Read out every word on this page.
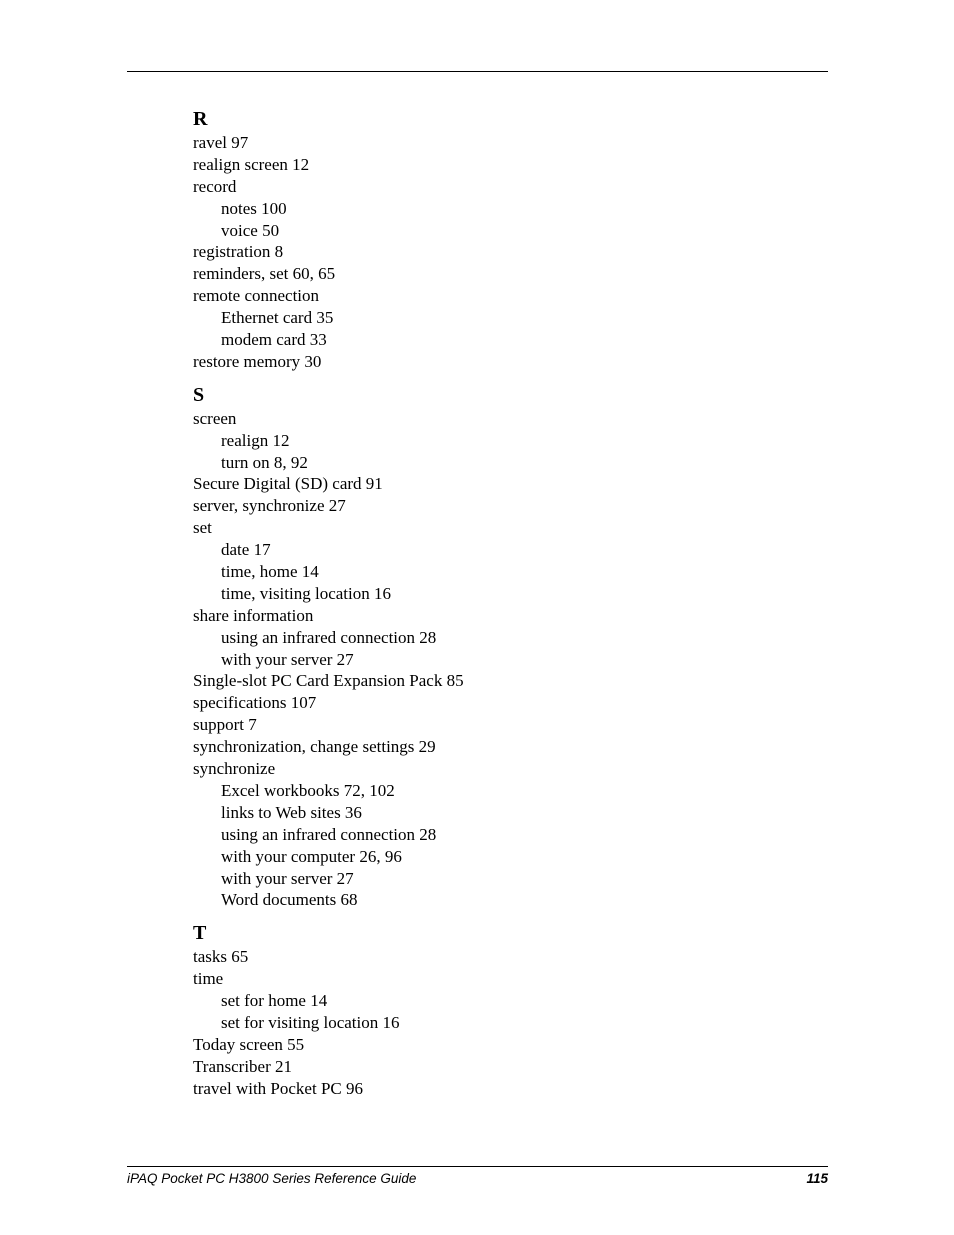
R
ravel 97
realign screen 12
record
notes 100
voice 50
registration 8
reminders, set 60, 65
remote connection
Ethernet card 35
modem card 33
restore memory 30
S
screen
realign 12
turn on 8, 92
Secure Digital (SD) card 91
server, synchronize 27
set
date 17
time, home 14
time, visiting location 16
share information
using an infrared connection 28
with your server 27
Single-slot PC Card Expansion Pack 85
specifications 107
support 7
synchronization, change settings 29
synchronize
Excel workbooks 72, 102
links to Web sites 36
using an infrared connection 28
with your computer 26, 96
with your server 27
Word documents 68
T
tasks 65
time
set for home 14
set for visiting location 16
Today screen 55
Transcriber 21
travel with Pocket PC 96
iPAQ Pocket PC H3800 Series Reference Guide	115
